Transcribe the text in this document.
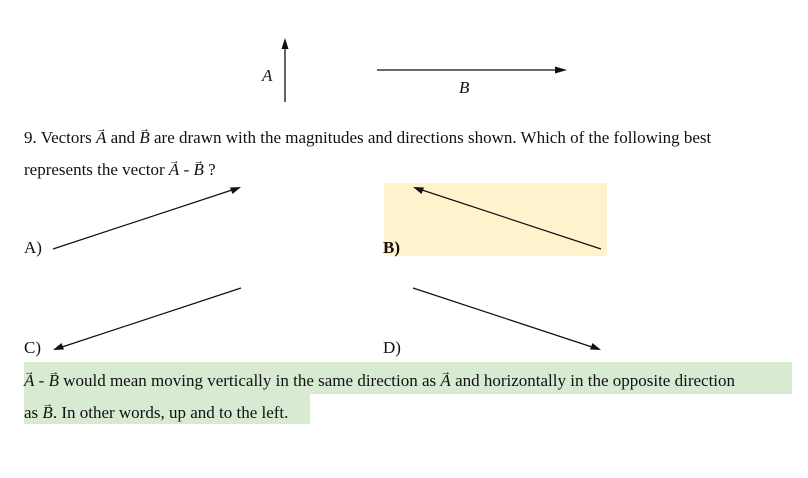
A
B
9. Vectors → A and → B are drawn with the magnitudes and directions shown. Which of the following best
represents the vector → A - → B ?
A)	B)
C)	D)
→ A - → B would mean moving vertically in the same direction as → A and horizontally in the opposite direction
as → B. In other words, up and to the left.
